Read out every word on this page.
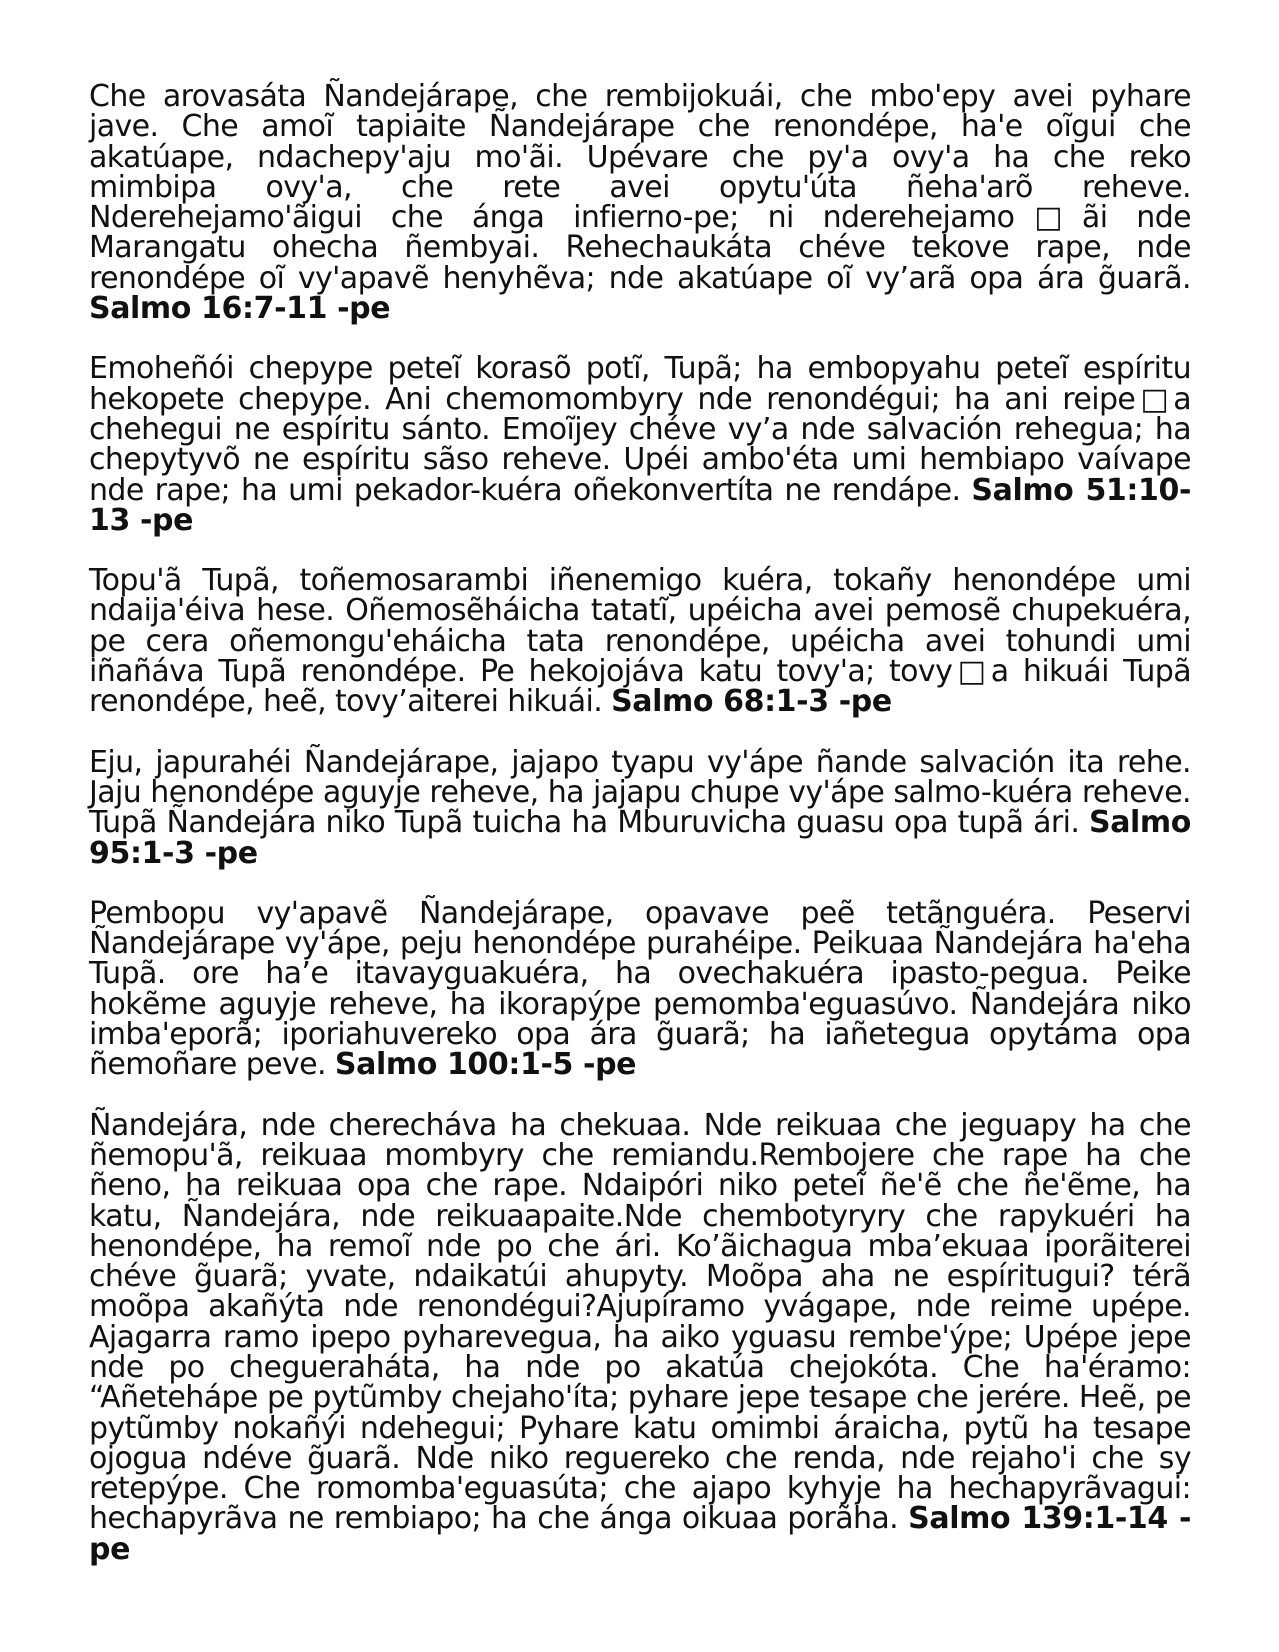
Che arovasáta Ñandejárape, che rembijokuái, che mbo'epy avei pyhare jave. Che amoĩ tapiaite Ñandejárape che renondépe, ha'e oĩgui che akatúape, ndachepy'aju mo'ãi. Upévare che py'a ovy'a ha che reko mimbipa ovy'a, che rete avei opytu'úta ñeha'arõ reheve. Nderehejamo'ãigui che ánga infierno-pe; ni nderehejamo□ãi nde Marangatu ohecha ñembyai. Rehechaukáta chéve tekove rape, nde renondépe oĩ vy'apavẽ henyhẽva; nde akatúape oĩ vy’arã opa ára g̃uarã. Salmo 16:7-11 -pe

Emoheñói chepype peteĩ korasõ potĩ, Tupã; ha embopyahu peteĩ espíritu hekopete chepype. Ani chemomombyry nde renondégui; ha ani reipe□a chehegui ne espíritu sánto. Emoĩjey chéve vy’a nde salvación rehegua; ha chepytyvõ ne espíritu sãso reheve. Upéi ambo'éta umi hembiapo vaívape nde rape; ha umi pekador-kuéra oñekonvertíta ne rendápe. Salmo 51:10-13 -pe

Topu'ã Tupã, toñemosarambi iñenemigo kuéra, tokañy henondépe umi ndaija'éiva hese. Oñemosẽháicha tatatĩ, upéicha avei pemosẽ chupekuéra, pe cera oñemongu'eháicha tata renondépe, upéicha avei tohundi umi iñañáva Tupã renondépe. Pe hekojojáva katu tovy'a; tovy□a hikuái Tupã renondépe, heẽ, tovy’aiterei hikuái. Salmo 68:1-3 -pe

Eju, japurahéi Ñandejárape, jajapo tyapu vy'ápe ñande salvación ita rehe. Jaju henondépe aguyje reheve, ha jajapu chupe vy'ápe salmo-kuéra reheve. Tupã Ñandejára niko Tupã tuicha ha Mburuvicha guasu opa tupã ári. Salmo 95:1-3 -pe

Pembopu vy'apavẽ Ñandejárape, opavave peẽ tetãnguéra. Peservi Ñandejárape vy'ápe, peju henondépe purahéipe. Peikuaa Ñandejára ha'eha Tupã. ore ha’e itavayguakuéra, ha ovechakuéra ipasto-pegua. Peike hokẽme aguyje reheve, ha ikorapýpe pemomba'eguasúvo. Ñandejára niko imba'eporã; iporiahuvereko opa ára g̃uarã; ha iañetegua opytáma opa ñemoñare peve. Salmo 100:1-5 -pe

Ñandejára, nde cherecháva ha chekuaa. Nde reikuaa che jeguapy ha che ñemopu'ã, reikuaa mombyry che remiandu.Rembojere che rape ha che ñeno, ha reikuaa opa che rape. Ndaipóri niko peteĩ ñe'ẽ che ñe'ẽme, ha katu, Ñandejára, nde reikuaapaite.Nde chembotyryry che rapykuéri ha henondépe, ha remoĩ nde po che ári. Ko’ãichagua mba’ekuaa iporãiterei chéve g̃uarã; yvate, ndaikatúi ahupyty. Moõpa aha ne espíritugui? térã moõpa akañýta nde renondégui?Ajupíramo yvágape, nde reime upépe. Ajagarra ramo ipepo pyharevegua, ha aiko yguasu rembe'ýpe; Upépe jepe nde po chegueraháta, ha nde po akatúa chejokóta. Che ha'éramo: “Añetehápe pe pytũmby chejaho'íta; pyhare jepe tesape che jerére. Heẽ, pe pytũmby nokañýi ndehegui; Pyhare katu omimbi áraicha, pytũ ha tesape ojogua ndéve g̃uarã. Nde niko reguereko che renda, nde rejaho'i che sy retepýpe. Che romomba'eguasúta; che ajapo kyhyje ha hechapyrãvagui: hechapyrãva ne rembiapo; ha che ánga oikuaa porãha. Salmo 139:1-14 -pe
